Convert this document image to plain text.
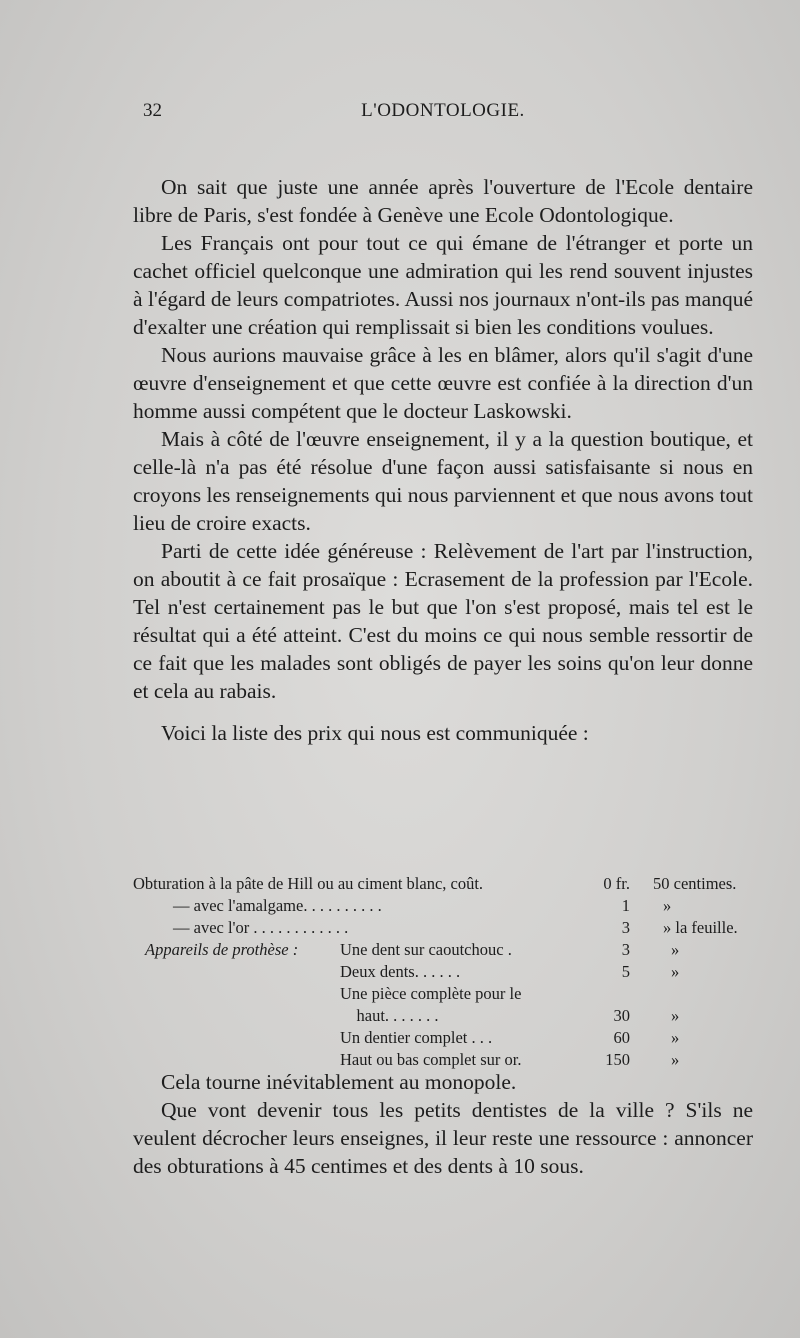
32	L'ODONTOLOGIE.

On sait que juste une année après l'ouverture de l'Ecole dentaire libre de Paris, s'est fondée à Genève une Ecole Odontologique.

Les Français ont pour tout ce qui émane de l'étranger et porte un cachet officiel quelconque une admiration qui les rend souvent injustes à l'égard de leurs compatriotes. Aussi nos journaux n'ont-ils pas manqué d'exalter une création qui remplissait si bien les conditions voulues.

Nous aurions mauvaise grâce à les en blâmer, alors qu'il s'agit d'une œuvre d'enseignement et que cette œuvre est confiée à la direction d'un homme aussi compétent que le docteur Laskowski.

Mais à côté de l'œuvre enseignement, il y a la question boutique, et celle-là n'a pas été résolue d'une façon aussi satisfaisante si nous en croyons les renseignements qui nous parviennent et que nous avons tout lieu de croire exacts.

Parti de cette idée généreuse : Relèvement de l'art par l'instruction, on aboutit à ce fait prosaïque : Ecrasement de la profession par l'Ecole. Tel n'est certainement pas le but que l'on s'est proposé, mais tel est le résultat qui a été atteint. C'est du moins ce qui nous semble ressortir de ce fait que les malades sont obligés de payer les soins qu'on leur donne et cela au rabais.

Voici la liste des prix qui nous est communiquée :

Obturation à la pâte de Hill ou au ciment blanc, coût.	0 fr. 50 centimes.
— avec l'amalgame. . . . . . . . . .	1 »
— avec l'or . . . . . . . . . . . .	3 » la feuille.
Appareils de prothèse :	Une dent sur caoutchouc .	3 »
Deux dents. . . . . .	5 »
Une pièce complète pour le
haut. . . . . . .	30 »
Un dentier complet . . .	60 »
Haut ou bas complet sur or.	150 »

Cela tourne inévitablement au monopole.

Que vont devenir tous les petits dentistes de la ville ? S'ils ne veulent décrocher leurs enseignes, il leur reste une ressource : annoncer des obturations à 45 centimes et des dents à 10 sous.
